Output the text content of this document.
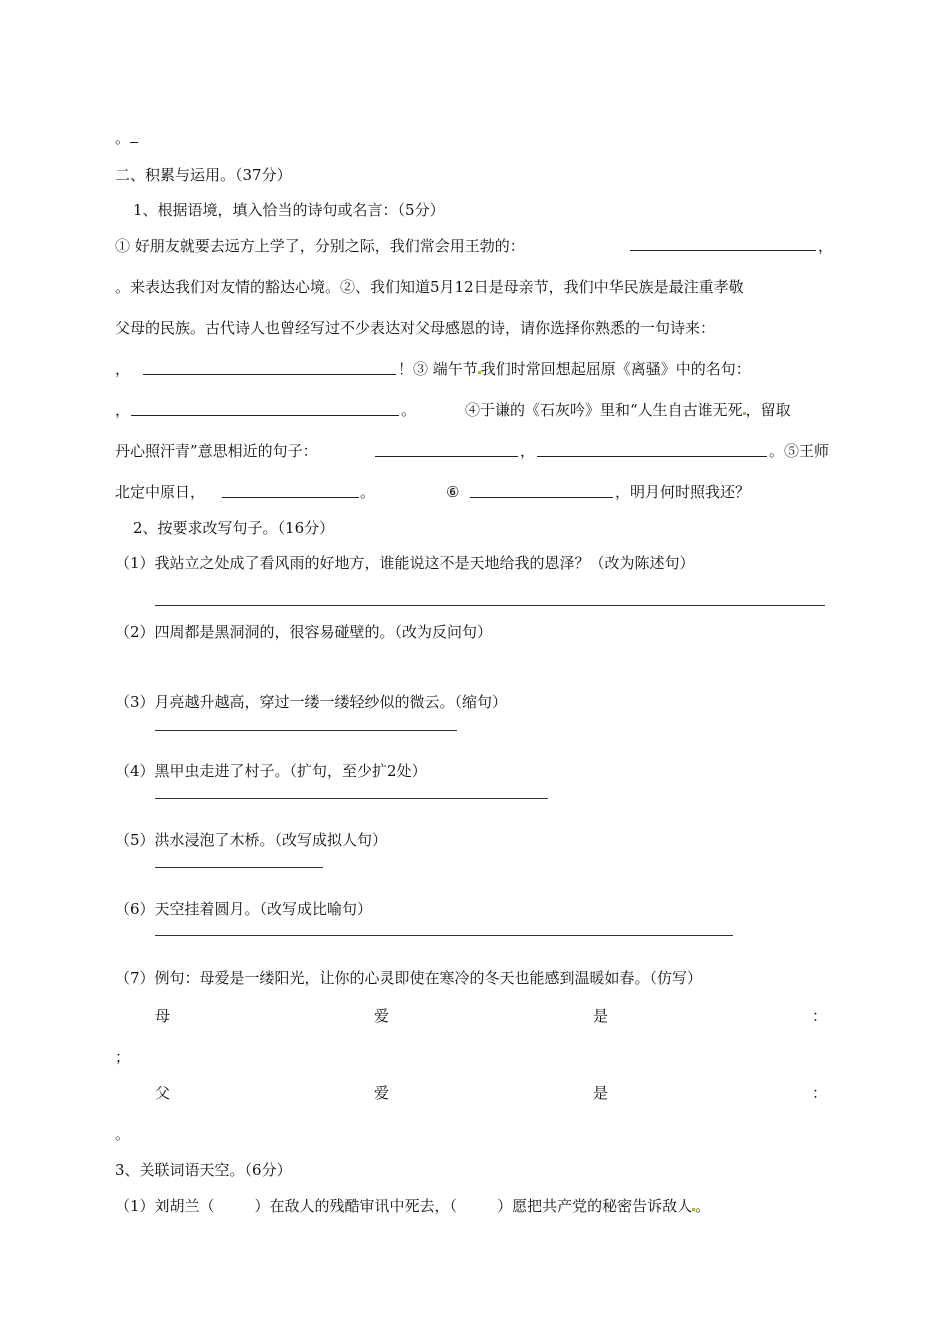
。
二、积累与运用。（37分）
1、根据语境，填入恰当的诗句或名言：（5分）
① 好朋友就要去远方上学了，分别之际，我们常会用王勃的：	，
。来表达我们对友情的豁达心境。②、我们知道5月12日是母亲节，我们中华民族是最注重孝敬
父母的民族。古代诗人也曾经写过不少表达对父母感恩的诗，请你选择你熟悉的一句诗来：
，	！③ 端午节 我们时常回想起屈原《离骚》中的名句：
，	。	④于谦的《石灰吟》里和“人生自古谁无死 ，留取
丹心照汗青”意思相近的句子：	，	。⑤王师
北定中原日，	。	⑥	，明月何时照我还？
2、按要求改写句子。（16分）
（1）我站立之处成了看风雨的好地方，谁能说这不是天地给我的恩泽？（改为陈述句）
（2）四周都是黑洞洞的，很容易碰壁的。（改为反问句）
（3）月亮越升越高，穿过一缕一缕轻纱似的微云。（缩句）
（4）黑甲虫走进了村子。（扩句，至少扩2处）
（5）洪水浸泡了木桥。（改写成拟人句）
（6）天空挂着圆月。（改写成比喻句）
（7）例句：母爱是一缕阳光，让你的心灵即使在寒冷的冬天也能感到温暖如春。（仿写）
母	爱	是	：
；
父	爱	是	：
。
3、关联词语天空。（6分）
（1）刘胡兰（	）在敌人的残酷审讯中死去，（	）愿把共产党的秘密告诉敌人 。
